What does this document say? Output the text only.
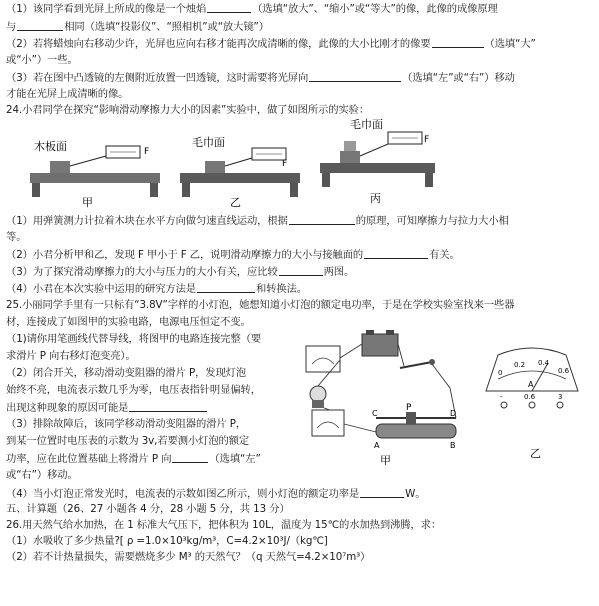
（1）该同学看到光屏上所成的像是一个烛焰	（选填“放大”、“缩小”或“等大”的像，此像的成像原理
与	相同（选填“投影仪”、“照相机”或“放大镜”）
（2）若将蜡烛向右移动少许，光屏也应向右移才能再次成清晰的像，此像的大小比刚才的像要	（选填“大”
或“小”）一些。
（3）若在图中凸透镜的左侧附近放置一凹透镜，这时需要将光屏向	（选填“左”或“右”）移动
才能在光屏上成清晰的像。
24.小君同学在探究“影响滑动摩擦力大小的因素”实验中，做了如图所示的实验：
木板面	F
甲
毛巾面
F
乙
毛巾面
F
丙
（1）用弹簧测力计拉着木块在水平方向做匀速直线运动，根据	的原理，可知摩擦力与拉力大小相
等。
（2）小君分析甲和乙，发现 F 甲小于 F 乙，说明滑动摩擦力的大小与接触面的	有关。
（3）为了探究滑动摩擦力的大小与压力的大小有关，应比较	两图。
（4）小君在本次实验中运用的研究方法是	和转换法。
25.小丽同学手里有一只标有“3.8V”字样的小灯泡，她想知道小灯泡的额定电功率，于是在学校实验室找来一些器
材，连接成了如图甲的实验电路，电源电压恒定不变。
（1)请你用笔画线代替导线，将图甲的电路连接完整（要
求滑片 P 向右移灯泡变亮）。
（2）闭合开关，移动滑动变阻器的滑片 P，发现灯泡
始终不亮，电流表示数几乎为零，电压表指针明显偏转，
出现这种现象的原因可能是
（3）排除故障后，该同学移动滑动变阻器的滑片 P，
到某一位置时电压表的示数为 3v,若要测小灯泡的额定
功率，应在此位置基础上将滑片 P 向	（选填“左”
或“右”）移动。
P
A	B
C	D
甲
0
0.2 0.4
0.6
A
-	0.6	3
乙
（4）当小灯泡正常发光时，电流表的示数如图乙所示，则小灯泡的额定功率是	W。
五、计算题（26、27 小题各 4 分，28 小题 5 分，共 13 分）
26.用天然气给水加热，在 1 标准大气压下，把体积为 10L，温度为 15℃的水加热到沸腾，求：
（1）水吸收了多少热量?[ ρ =1.0×10³kg/m³，C=4.2×10³J/（kg℃]
（2）若不计热量损失，需要燃烧多少 M³ 的天然气？（q 天然气=4.2×10⁷m³）
